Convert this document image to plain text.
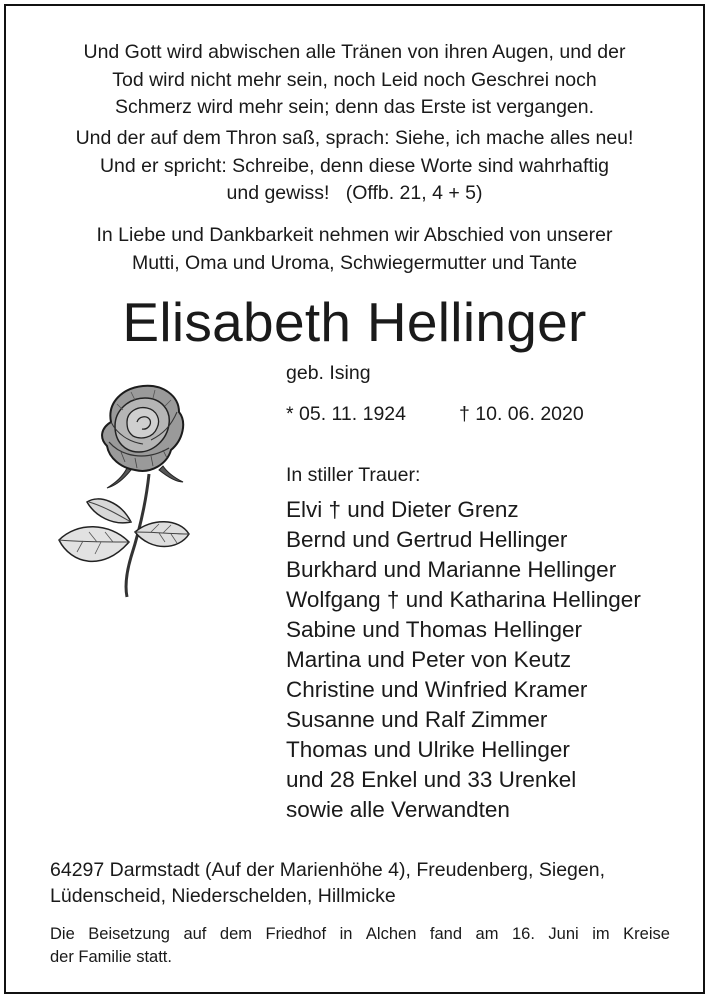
Und Gott wird abwischen alle Tränen von ihren Augen, und der
Tod wird nicht mehr sein, noch Leid noch Geschrei noch
Schmerz wird mehr sein; denn das Erste ist vergangen.
Und der auf dem Thron saß, sprach: Siehe, ich mache alles neu!
Und er spricht: Schreibe, denn diese Worte sind wahrhaftig
und gewiss!   (Offb. 21, 4 + 5)
In Liebe und Dankbarkeit nehmen wir Abschied von unserer
Mutti, Oma und Uroma, Schwiegermutter und Tante
Elisabeth Hellinger
geb. Ising
* 05. 11. 1924	† 10. 06. 2020
In stiller Trauer:
Elvi † und Dieter Grenz
Bernd und Gertrud Hellinger
Burkhard und Marianne Hellinger
Wolfgang † und Katharina Hellinger
Sabine und Thomas Hellinger
Martina und Peter von Keutz
Christine und Winfried Kramer
Susanne und Ralf Zimmer
Thomas und Ulrike Hellinger
und 28 Enkel und 33 Urenkel
sowie alle Verwandten
64297 Darmstadt (Auf der Marienhöhe 4), Freudenberg, Siegen,
Lüdenscheid, Niederschelden, Hillmicke
Die Beisetzung auf dem Friedhof in Alchen fand am 16. Juni im Kreise
der Familie statt.
